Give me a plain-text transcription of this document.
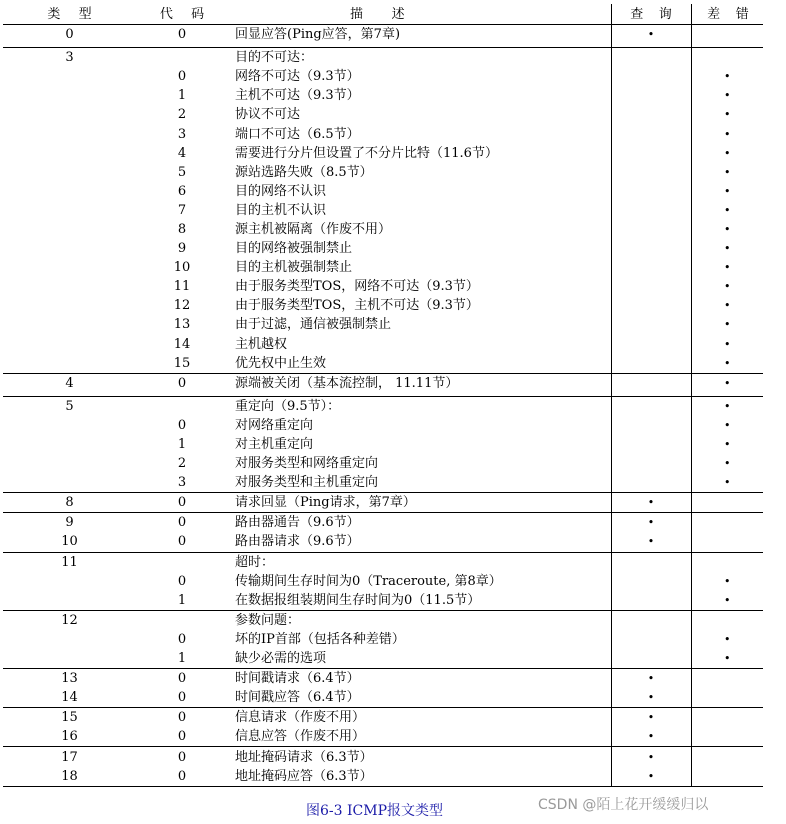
类型	代码	描述	查询	差错
0	0	回显应答(Ping应答，第7章)	•	

3		目的不可达：		
	0	网络不可达（9.3节）		•
	1	主机不可达（9.3节）		•
	2	协议不可达		•
	3	端口不可达（6.5节）		•
	4	需要进行分片但设置了不分片比特（11.6节）		•
	5	源站选路失败（8.5节）		•
	6	目的网络不认识		•
	7	目的主机不认识		•
	8	源主机被隔离（作废不用）		•
	9	目的网络被强制禁止		•
	10	目的主机被强制禁止		•
	11	由于服务类型TOS，网络不可达（9.3节）		•
	12	由于服务类型TOS，主机不可达（9.3节）		•
	13	由于过滤，通信被强制禁止		•
	14	主机越权		•
	15	优先权中止生效		•
4	0	源端被关闭（基本流控制， 11.11节）		•

5		重定向（9.5节）：		•
	0	对网络重定向		•
	1	对主机重定向		•
	2	对服务类型和网络重定向		•
	3	对服务类型和主机重定向		•
8	0	请求回显（Ping请求，第7章）	•	
9	0	路由器通告（9.6节）	•	
10	0	路由器请求（9.6节）	•	
11		超时：		
	0	传输期间生存时间为0（Traceroute, 第8章）		•
	1	在数据报组装期间生存时间为0（11.5节）		•
12		参数问题：		
	0	坏的IP首部（包括各种差错）		•
	1	缺少必需的选项		•
13	0	时间戳请求（6.4节）	•	
14	0	时间戳应答（6.4节）	•	
15	0	信息请求（作废不用）	•	
16	0	信息应答（作废不用）	•	
17	0	地址掩码请求（6.3节）	•	
18	0	地址掩码应答（6.3节）	•	
图6-3 ICMP报文类型	CSDN @陌上花开缓缓归以
